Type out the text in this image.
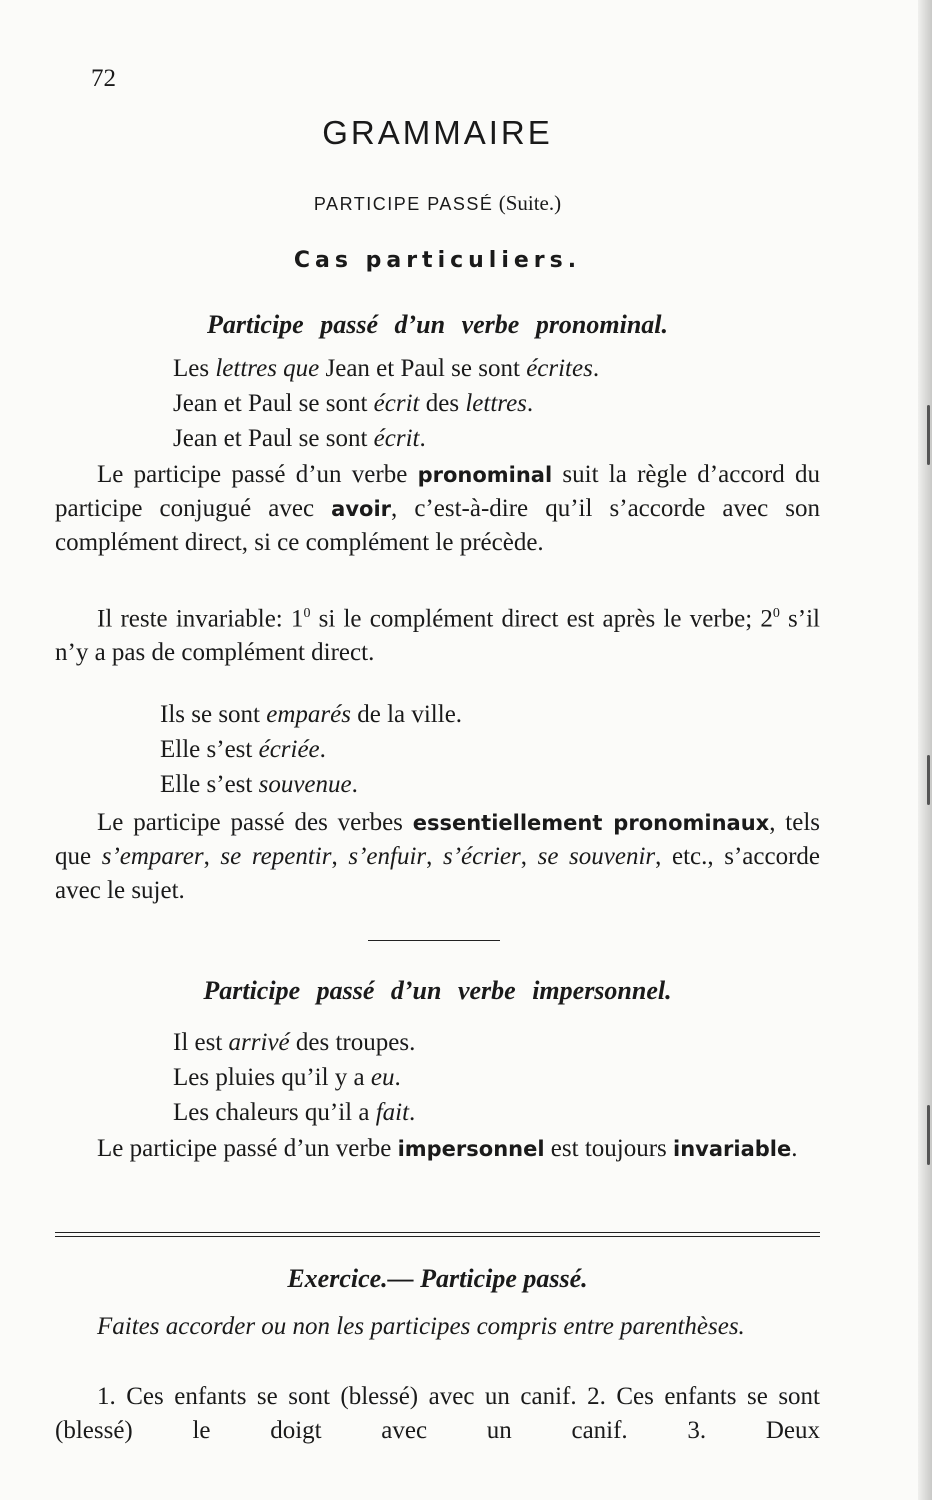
72
GRAMMAIRE
PARTICIPE PASSÉ (Suite.)
Cas particuliers.
Participe passé d’un verbe pronominal.
Les lettres que Jean et Paul se sont écrites.
Jean et Paul se sont écrit des lettres.
Jean et Paul se sont écrit.
Le participe passé d’un verbe pronominal suit la règle d’accord du participe conjugué avec avoir, c’est-à-dire qu’il s’accorde avec son complément direct, si ce complément le précède.
Il reste invariable: $1^0$ si le complément direct est après le verbe; $2^0$ s’il n’y a pas de complément direct.
Ils se sont emparés de la ville.
Elle s’est écriée.
Elle s’est souvenue.
Le participe passé des verbes essentiellement pronominaux, tels que s’emparer, se repentir, s’enfuir, s’écrier, se souvenir, etc., s’accorde avec le sujet.
Participe passé d’un verbe impersonnel.
Il est arrivé des troupes.
Les pluies qu’il y a eu.
Les chaleurs qu’il a fait.
Le participe passé d’un verbe impersonnel est toujours invariable.
Exercice.— Participe passé.
Faites accorder ou non les participes compris entre parenthèses.
1. Ces enfants se sont (blessé) avec un canif. 2. Ces enfants se sont (blessé) le doigt avec un canif. 3. Deux
